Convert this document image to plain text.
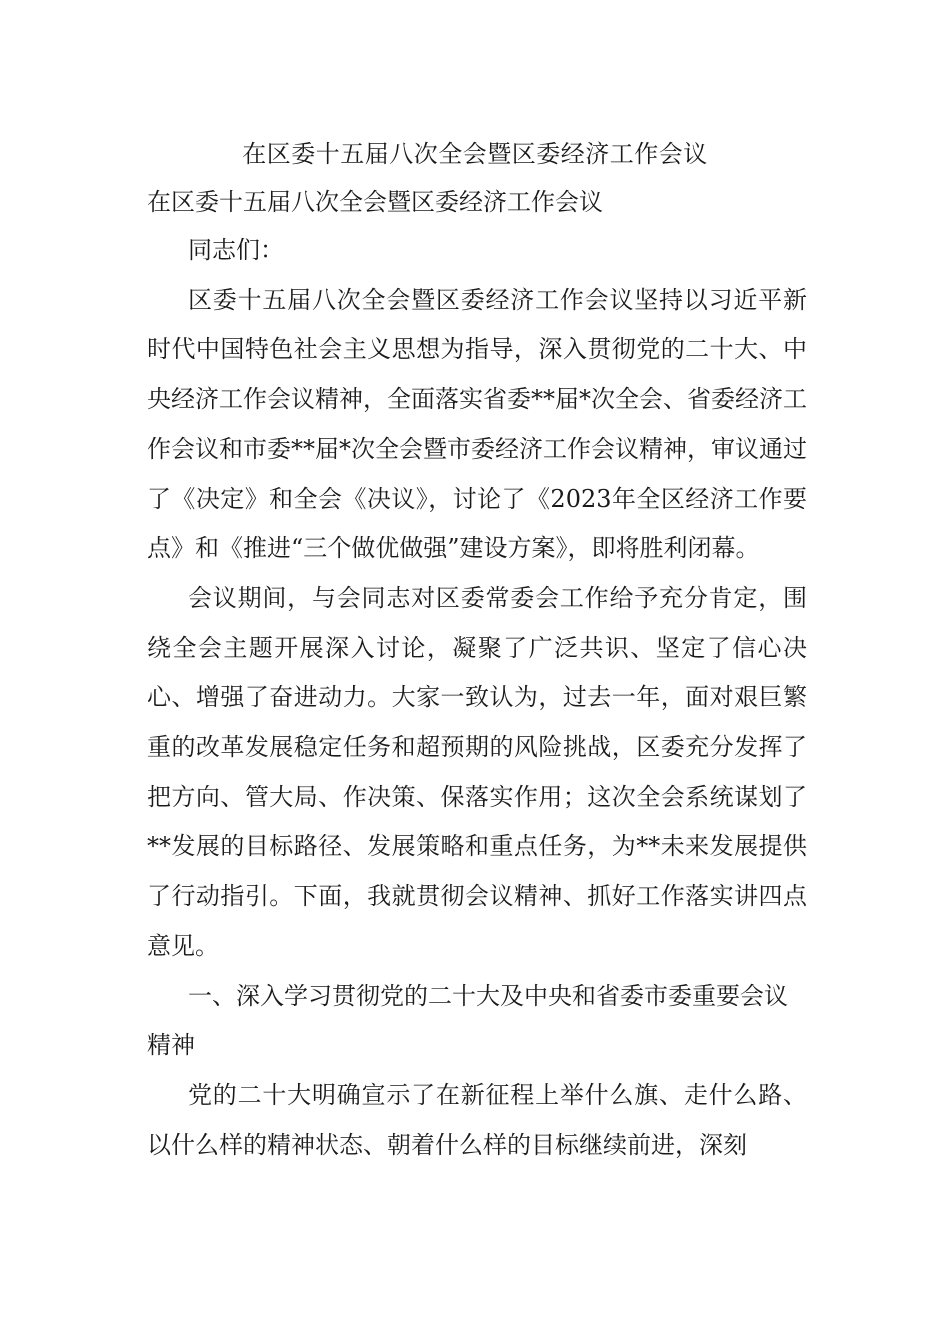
在区委十五届八次全会暨区委经济工作会议
在区委十五届八次全会暨区委经济工作会议

同志们：

区委十五届八次全会暨区委经济工作会议坚持以习近平新时代中国特色社会主义思想为指导，深入贯彻党的二十大、中央经济工作会议精神，全面落实省委**届*次全会、省委经济工作会议和市委**届*次全会暨市委经济工作会议精神，审议通过了《决定》和全会《决议》，讨论了《2023年全区经济工作要点》和《推进“三个做优做强”建设方案》，即将胜利闭幕。

会议期间，与会同志对区委常委会工作给予充分肯定，围绕全会主题开展深入讨论，凝聚了广泛共识、坚定了信心决心、增强了奋进动力。大家一致认为，过去一年，面对艰巨繁重的改革发展稳定任务和超预期的风险挑战，区委充分发挥了把方向、管大局、作决策、保落实作用；这次全会系统谋划了**发展的目标路径、发展策略和重点任务，为**未来发展提供了行动指引。下面，我就贯彻会议精神、抓好工作落实讲四点意见。

一、深入学习贯彻党的二十大及中央和省委市委重要会议精神

党的二十大明确宣示了在新征程上举什么旗、走什么路、以什么样的精神状态、朝着什么样的目标继续前进，深刻
